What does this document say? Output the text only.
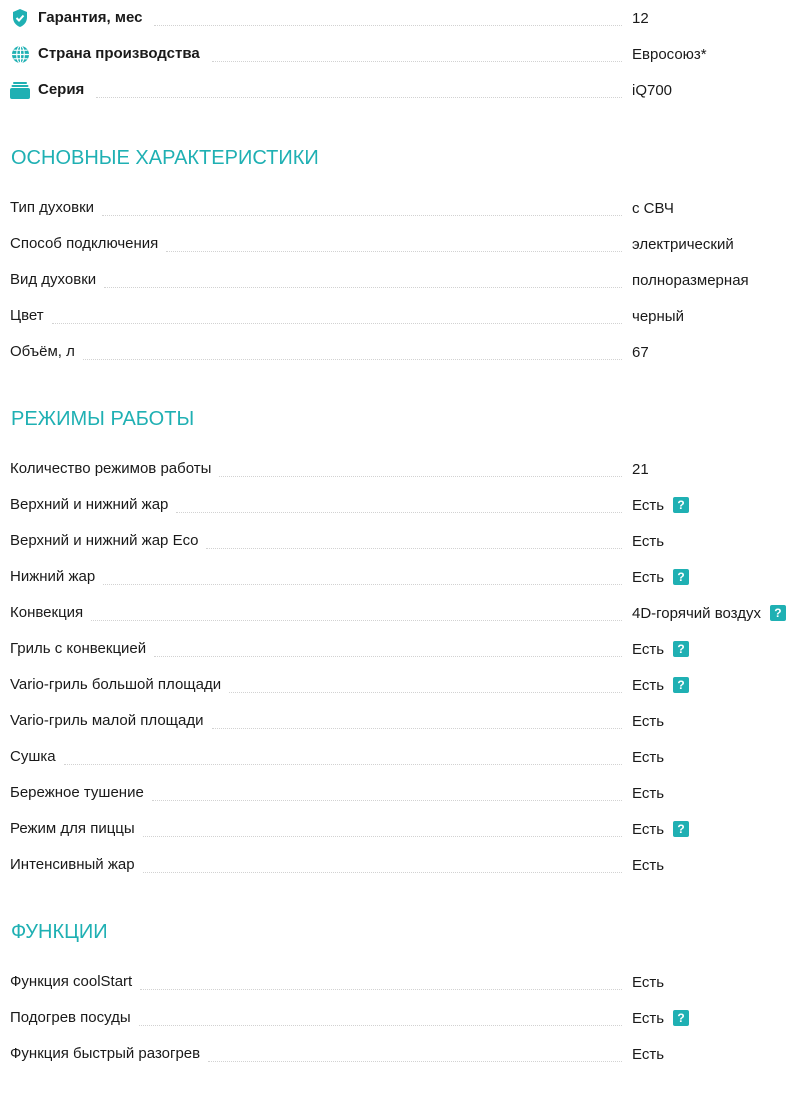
Гарантия, мес	12
Страна производства	Евросоюз*
Серия	iQ700
ОСНОВНЫЕ ХАРАКТЕРИСТИКИ
Тип духовки	с СВЧ
Способ подключения	электрический
Вид духовки	полноразмерная
Цвет	черный
Объём, л	67
РЕЖИМЫ РАБОТЫ
Количество режимов работы	21
Верхний и нижний жар	Есть	?
Верхний и нижний жар Eco	Есть
Нижний жар	Есть	?
Конвекция	4D-горячий воздух	?
Гриль с конвекцией	Есть	?
Vario-гриль большой площади	Есть	?
Vario-гриль малой площади	Есть
Сушка	Есть
Бережное тушение	Есть
Режим для пиццы	Есть	?
Интенсивный жар	Есть
ФУНКЦИИ
Функция coolStart	Есть
Подогрев посуды	Есть	?
Функция быстрый разогрев	Есть
